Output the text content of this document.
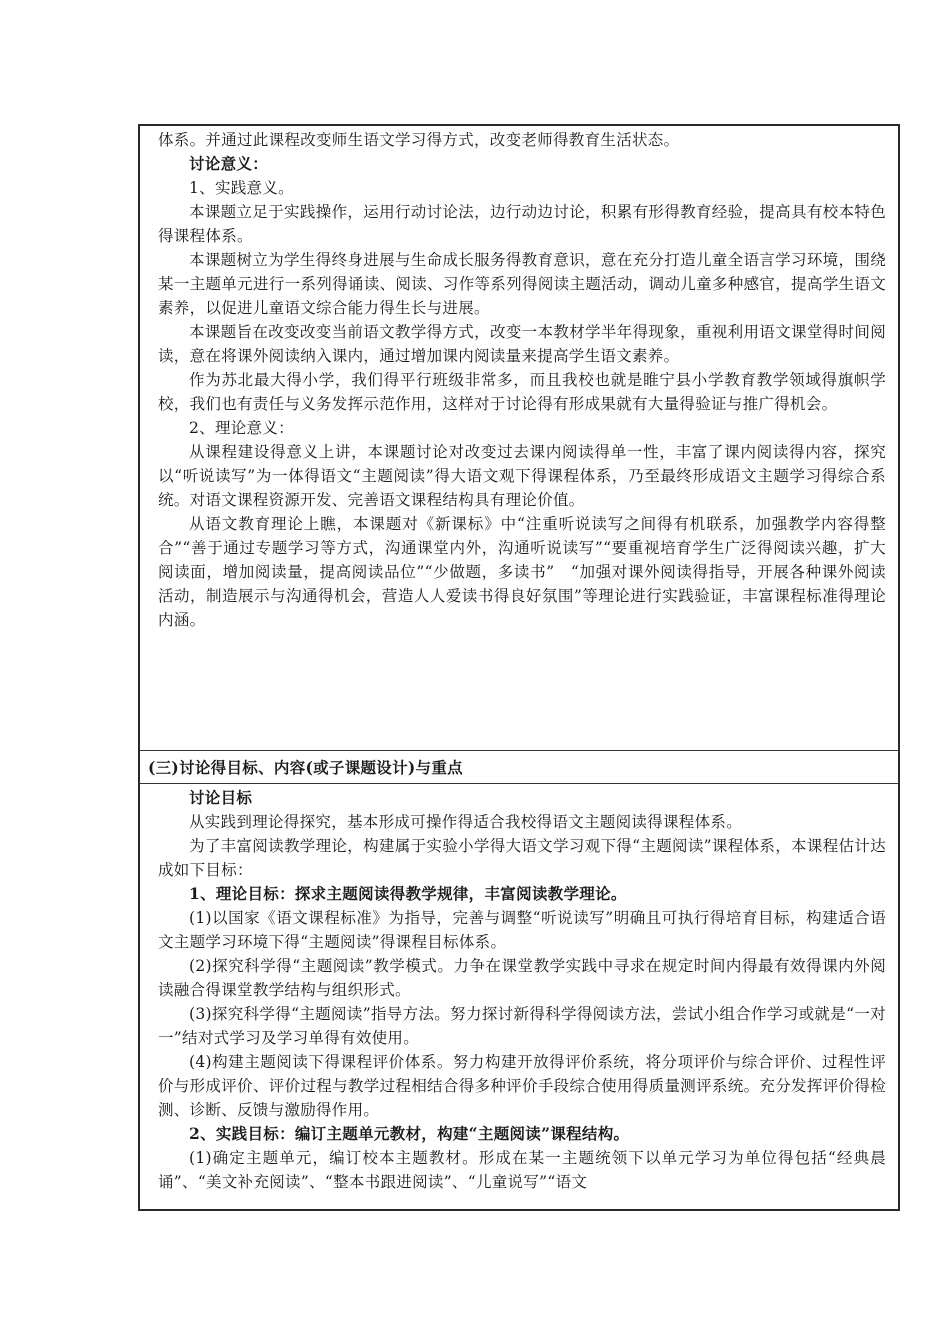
体系。并通过此课程改变师生语文学习得方式，改变老师得教育生活状态。

讨论意义：

1、实践意义。

本课题立足于实践操作，运用行动讨论法，边行动边讨论，积累有形得教育经验，提高具有校本特色得课程体系。

本课题树立为学生得终身进展与生命成长服务得教育意识，意在充分打造儿童全语言学习环境，围绕某一主题单元进行一系列得诵读、阅读、习作等系列得阅读主题活动，调动儿童多种感官，提高学生语文素养，以促进儿童语文综合能力得生长与进展。

本课题旨在改变改变当前语文教学得方式，改变一本教材学半年得现象，重视利用语文课堂得时间阅读，意在将课外阅读纳入课内，通过增加课内阅读量来提高学生语文素养。

作为苏北最大得小学，我们得平行班级非常多，而且我校也就是睢宁县小学教育教学领域得旗帜学校，我们也有责任与义务发挥示范作用，这样对于讨论得有形成果就有大量得验证与推广得机会。

2、理论意义：

从课程建设得意义上讲，本课题讨论对改变过去课内阅读得单一性，丰富了课内阅读得内容，探究以“听说读写”为一体得语文“主题阅读”得大语文观下得课程体系，乃至最终形成语文主题学习得综合系统。对语文课程资源开发、完善语文课程结构具有理论价值。

从语文教育理论上瞧，本课题对《新课标》中“注重听说读写之间得有机联系，加强教学内容得整合”“善于通过专题学习等方式，沟通课堂内外，沟通听说读写”“要重视培育学生广泛得阅读兴趣，扩大阅读面，增加阅读量，提高阅读品位”“少做题，多读书”　“加强对课外阅读得指导，开展各种课外阅读活动，制造展示与沟通得机会，营造人人爱读书得良好氛围”等理论进行实践验证，丰富课程标准得理论内涵。

(三)讨论得目标、内容(或子课题设计)与重点

讨论目标

从实践到理论得探究，基本形成可操作得适合我校得语文主题阅读得课程体系。

为了丰富阅读教学理论，构建属于实验小学得大语文学习观下得“主题阅读”课程体系，本课程估计达成如下目标：

1、理论目标：探求主题阅读得教学规律，丰富阅读教学理论。

(1)以国家《语文课程标准》为指导，完善与调整“听说读写”明确且可执行得培育目标，构建适合语文主题学习环境下得“主题阅读”得课程目标体系。

(2)探究科学得“主题阅读”教学模式。力争在课堂教学实践中寻求在规定时间内得最有效得课内外阅读融合得课堂教学结构与组织形式。

(3)探究科学得“主题阅读”指导方法。努力探讨新得科学得阅读方法，尝试小组合作学习或就是“一对一”结对式学习及学习单得有效使用。

(4)构建主题阅读下得课程评价体系。努力构建开放得评价系统，将分项评价与综合评价、过程性评价与形成评价、评价过程与教学过程相结合得多种评价手段综合使用得质量测评系统。充分发挥评价得检测、诊断、反馈与激励得作用。

2、实践目标：编订主题单元教材，构建“主题阅读”课程结构。

(1)确定主题单元，编订校本主题教材。形成在某一主题统领下以单元学习为单位得包括“经典晨诵”、“美文补充阅读”、“整本书跟进阅读”、“儿童说写”“语文
